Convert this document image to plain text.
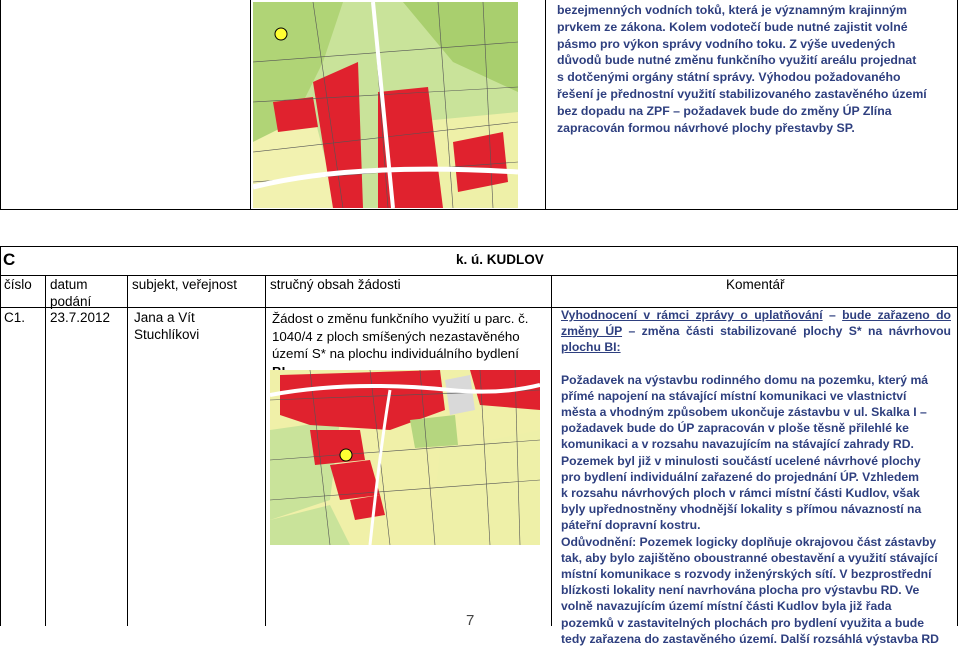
bezejmenných vodních toků, která je významným krajinným
prvkem ze zákona. Kolem vodotečí bude nutné zajistit volné
pásmo pro výkon správy vodního toku. Z výše uvedených
důvodů bude nutné změnu funkčního využití areálu projednat
s dotčenými orgány státní správy. Výhodou požadovaného
řešení je přednostní využití stabilizovaného zastavěného území
bez dopadu na ZPF – požadavek bude do změny ÚP Zlína
zapracován formou návrhové plochy přestavby SP.
C	k. ú. KUDLOV
číslo datum
podání
subjekt, veřejnost stručný obsah žádosti	Komentář
C1. 23.7.2012 Jana a Vít
Stuchlíkovi
Žádost o změnu funkčního využití u parc. č.
1040/4 z ploch smíšených nezastavěného
území S* na plochu individuálního bydlení

Vyhodnocení v rámci zprávy o uplatňování – bude zařazeno do změny ÚP – změna části stabilizované plochy S* na návrhovou plochu BI:

Požadavek na výstavbu rodinného domu na pozemku, který má
přímé napojení na stávající místní komunikaci ve vlastnictví
města a vhodným způsobem ukončuje zástavbu v ul. Skalka I –
požadavek bude do ÚP zapracován v ploše těsně přilehlé ke
komunikaci a v rozsahu navazujícím na stávající zahrady RD.
Pozemek byl již v minulosti součástí ucelené návrhové plochy
pro bydlení individuální zařazené do projednání ÚP. Vzhledem
k rozsahu návrhových ploch v rámci místní části Kudlov, však
byly upřednostněny vhodnější lokality s přímou návazností na
páteřní dopravní kostru.
Odůvodnění: Pozemek logicky doplňuje okrajovou část zástavby
tak, aby bylo zajištěno oboustranné obestavění a využití stávající
místní komunikace s rozvody inženýrských sítí. V bezprostřední
blízkosti lokality není navrhována plocha pro výstavbu RD. Ve
volně navazujícím území místní části Kudlov byla již řada
pozemků v zastavitelných plochách pro bydlení využita a bude
tedy zařazena do zastavěného území. Další rozsáhlá výstavba RD
7
